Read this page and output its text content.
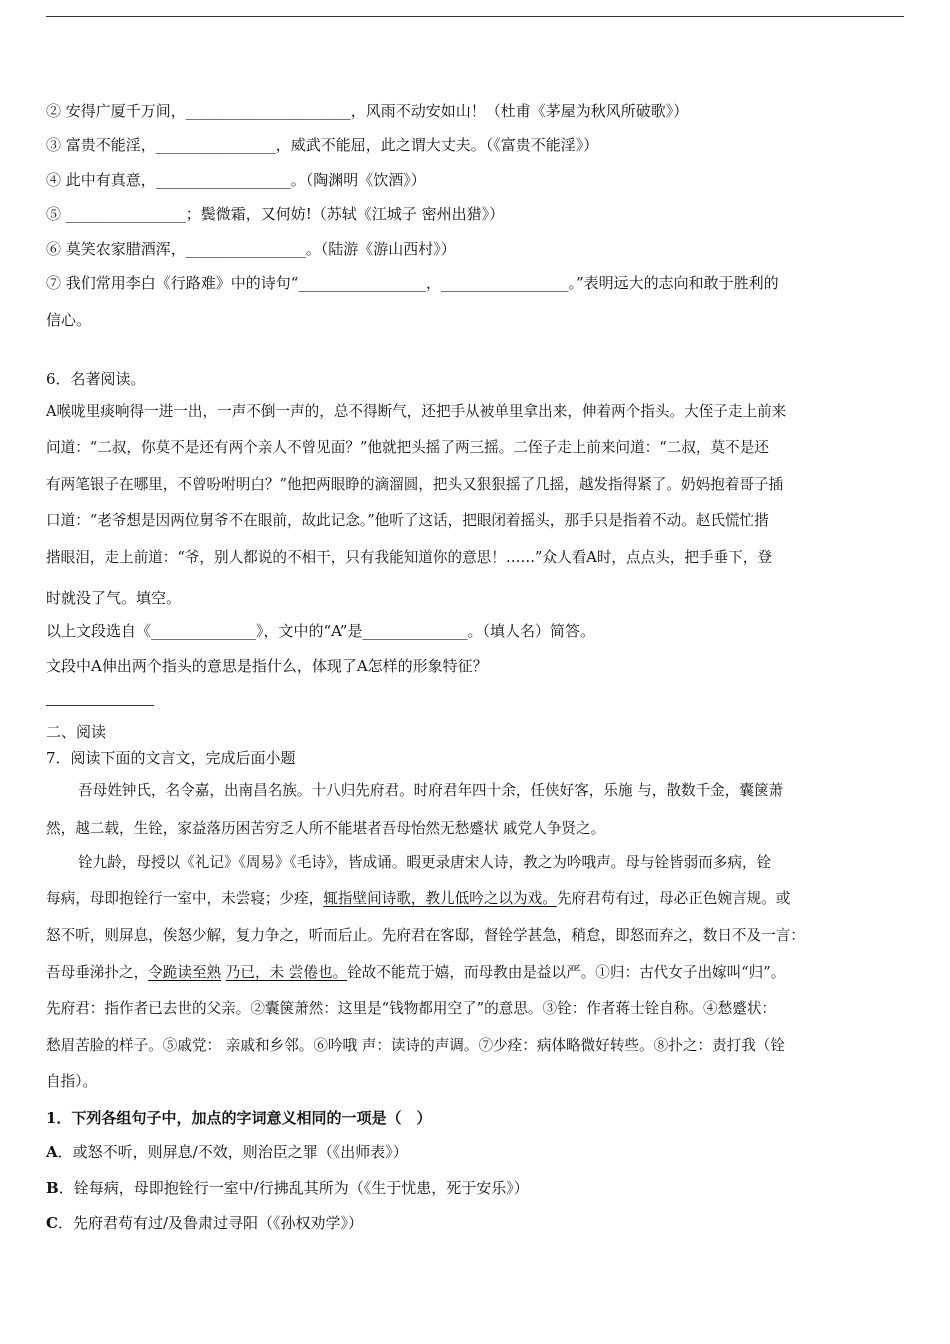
② 安得广厦千万间，______________________，风雨不动安如山！（杜甫《茅屋为秋风所破歌》）
③ 富贵不能淫，________________，威武不能屈，此之谓大丈夫。（《富贵不能淫》）
④ 此中有真意，__________________。（陶渊明《饮酒》）
⑤ ________________；鬓微霜，又何妨!（苏轼《江城子 密州出猎》）
⑥ 莫笑农家腊酒浑，________________。（陆游《游山西村》）
⑦ 我们常用李白《行路难》中的诗句“_________________，_________________。”表明远大的志向和敢于胜利的
信心。
6．名著阅读。
A喉咙里痰响得一进一出，一声不倒一声的，总不得断气，还把手从被单里拿出来，伸着两个指头。大侄子走上前来
问道：“二叔，你莫不是还有两个亲人不曾见面？”他就把头摇了两三摇。二侄子走上前来问道：“二叔，莫不是还
有两笔银子在哪里，不曾吩咐明白？”他把两眼睁的滴溜圆，把头又狠狠摇了几摇，越发指得紧了。奶妈抱着哥子插
口道：“老爷想是因两位舅爷不在眼前，故此记念。”他听了这话，把眼闭着摇头，那手只是指着不动。赵氏慌忙揩
揩眼泪，走上前道：“爷，别人都说的不相干，只有我能知道你的意思！……”众人看A时，点点头，把手垂下，登
时就没了气。填空。
以上文段选自《______________》，文中的“A”是______________。（填人名）简答。
文段中A伸出两个指头的意思是指什么，体现了A怎样的形象特征？
二、阅读
7．阅读下面的文言文，完成后面小题
吾母姓钟氏，名令嘉，出南昌名族。十八归先府君。时府君年四十余，任侠好客，乐施 与，散数千金，囊箧萧
然，越二载，生铨，家益落历困苦穷乏人所不能堪者吾母怡然无愁蹙状 戚党人争贤之。
铨九龄，母授以《礼记》《周易》《毛诗》，皆成诵。暇更录唐宋人诗，教之为吟哦声。母与铨皆弱而多病，铨
每病，母即抱铨行一室中，未尝寝；少痊，辄指壁间诗歌，教儿低吟之以为戏。先府君苟有过，母必正色婉言规。或
怒不听，则屏息，俟怒少解，复力争之，听而后止。先府君在客邸，督铨学甚急，稍怠，即怒而弃之，数日不及一言：
吾母垂涕扑之，令跪读至熟 乃已，未 尝倦也。铨故不能荒于嬉，而母教由是益以严。①归：古代女子出嫁叫“归”。
先府君：指作者已去世的父亲。②囊箧萧然：这里是“钱物都用空了”的意思。③铨：作者蒋士铨自称。④愁蹙状：
愁眉苦脸的样子。⑤戚党： 亲戚和乡邻。⑥吟哦 声：读诗的声调。⑦少痊：病体略微好转些。⑧扑之：责打我（铨
自指）。
1．下列各组句子中，加点的字词意义相同的一项是（　）
A．或怒不听，则屏息/不效，则治臣之罪（《出师表》）
B．铨每病，母即抱铨行一室中/行拂乱其所为（《生于忧患，死于安乐》）
C．先府君苟有过/及鲁肃过寻阳（《孙权劝学》）
